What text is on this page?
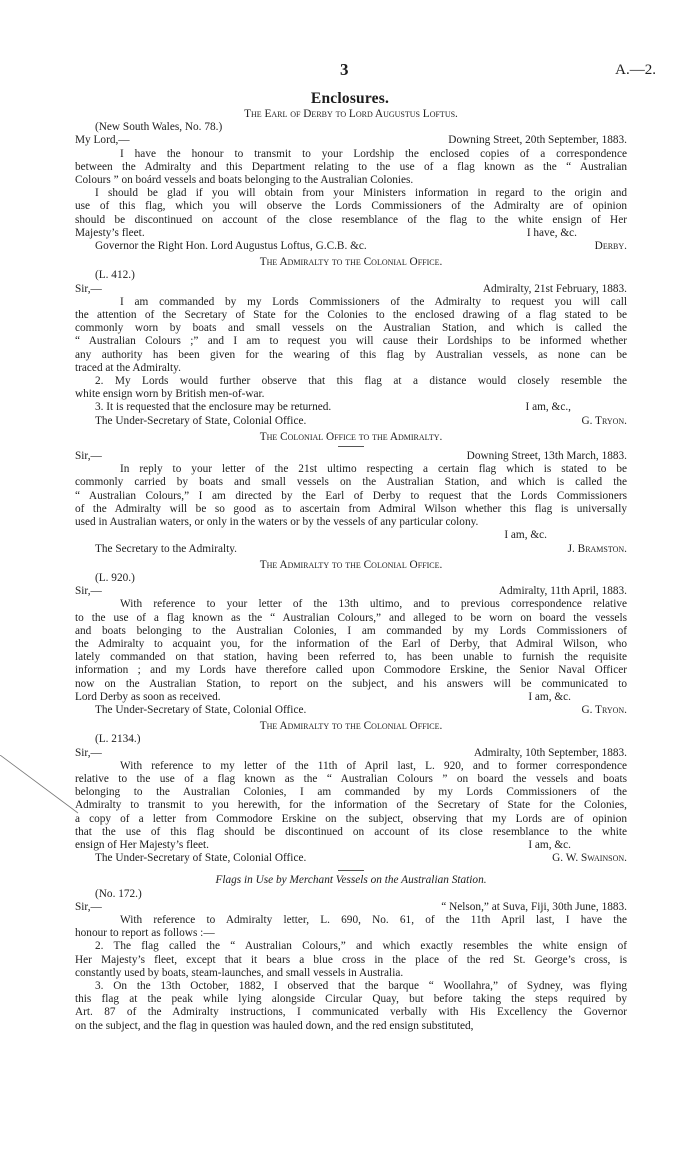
3	A.—2.
Enclosures.
The Earl of Derby to Lord Augustus Loftus.
(New South Wales, No. 78.)
My Lord,—	Downing Street, 20th September, 1883.
I have the honour to transmit to your Lordship the enclosed copies of a correspondence
between the Admiralty and this Department relating to the use of a flag known as the “ Australian
Colours ” on boárd vessels and boats belonging to the Australian Colonies.
I should be glad if you will obtain from your Ministers information in regard to the origin and
use of this flag, which you will observe the Lords Commissioners of the Admiralty are of opinion
should be discontinued on account of the close resemblance of the flag to the white ensign of Her
Majesty’s fleet.	I have, &c.
Governor the Right Hon. Lord Augustus Loftus, G.C.B. &c.	Derby.
The Admiralty to the Colonial Office.
(L. 412.)
Sir,—	Admiralty, 21st February, 1883.
I am commanded by my Lords Commissioners of the Admiralty to request you will call
the attention of the Secretary of State for the Colonies to the enclosed drawing of a flag stated to be
commonly worn by boats and small vessels on the Australian Station, and which is called the
“ Australian Colours ;” and I am to request you will cause their Lordships to be informed whether
any authority has been given for the wearing of this flag by Australian vessels, as none can be
traced at the Admiralty.
2. My Lords would further observe that this flag at a distance would closely resemble the
white ensign worn by British men-of-war.
3. It is requested that the enclosure may be returned.	I am, &c.,
The Under-Secretary of State, Colonial Office.	G. Tryon.
The Colonial Office to the Admiralty.
Sir,—	Downing Street, 13th March, 1883.
In reply to your letter of the 21st ultimo respecting a certain flag which is stated to be
commonly carried by boats and small vessels on the Australian Station, and which is called the
“ Australian Colours,” I am directed by the Earl of Derby to request that the Lords Commissioners
of the Admiralty will be so good as to ascertain from Admiral Wilson whether this flag is universally
used in Australian waters, or only in the waters or by the vessels of any particular colony.
I am, &c.
The Secretary to the Admiralty.	J. Bramston.
The Admiralty to the Colonial Office.
(L. 920.)
Sir,—	Admiralty, 11th April, 1883.
With reference to your letter of the 13th ultimo, and to previous correspondence relative
to the use of a flag known as the “ Australian Colours,” and alleged to be worn on board the vessels
and boats belonging to the Australian Colonies, I am commanded by my Lords Commissioners of
the Admiralty to acquaint you, for the information of the Earl of Derby, that Admiral Wilson, who
lately commanded on that station, having been referred to, has been unable to furnish the requisite
information ; and my Lords have therefore called upon Commodore Erskine, the Senior Naval Officer
now on the Australian Station, to report on the subject, and his answers will be communicated to
Lord Derby as soon as received.	I am, &c.
The Under-Secretary of State, Colonial Office.	G. Tryon.
The Admiralty to the Colonial Office.
(L. 2134.)
Sir,—	Admiralty, 10th September, 1883.
With reference to my letter of the 11th of April last, L. 920, and to former correspondence
relative to the use of a flag known as the “ Australian Colours ” on board the vessels and boats
belonging to the Australian Colonies, I am commanded by my Lords Commissioners of the
Admiralty to transmit to you herewith, for the information of the Secretary of State for the Colonies,
a copy of a letter from Commodore Erskine on the subject, observing that my Lords are of opinion
that the use of this flag should be discontinued on account of its close resemblance to the white
ensign of Her Majesty’s fleet.	I am, &c.
The Under-Secretary of State, Colonial Office.	G. W. Swainson.
Flags in Use by Merchant Vessels on the Australian Station.
(No. 172.)
Sir,—	“ Nelson,” at Suva, Fiji, 30th June, 1883.
With reference to Admiralty letter, L. 690, No. 61, of the 11th April last, I have the
honour to report as follows :—
2. The flag called the “ Australian Colours,” and which exactly resembles the white ensign of
Her Majesty’s fleet, except that it bears a blue cross in the place of the red St. George’s cross, is
constantly used by boats, steam-launches, and small vessels in Australia.
3. On the 13th October, 1882, I observed that the barque “ Woollahra,” of Sydney, was flying
this flag at the peak while lying alongside Circular Quay, but before taking the steps required by
Art. 87 of the Admiralty instructions, I communicated verbally with His Excellency the Governor
on the subject, and the flag in question was hauled down, and the red ensign substituted,
